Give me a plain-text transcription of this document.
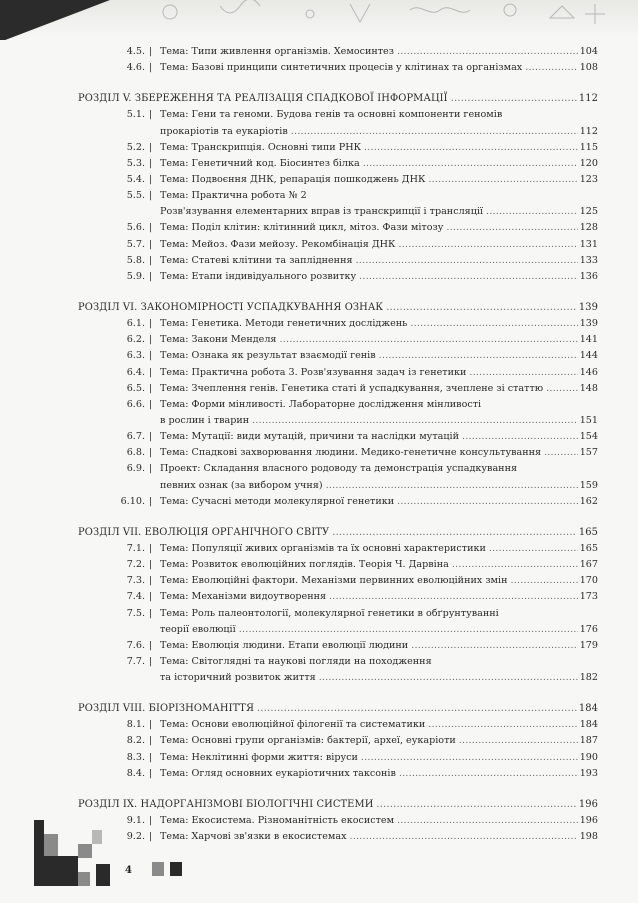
4.5. | Тема: Типи живлення організмів. Хемосинтез .....	104
4.6. | Тема: Базові принципи синтетичних процесів у клітинах та організмах .....	108
РОЗДІЛ V. ЗБЕРЕЖЕННЯ ТА РЕАЛІЗАЦІЯ СПАДКОВОЇ ІНФОРМАЦІЇ .....	112
5.1. | Тема: Гени та геноми. Будова генів та основні компоненти геномів
прокаріотів та еукаріотів .....	112
5.2. | Тема: Транскрипція. Основні типи РНК .....	115
5.3. | Тема: Генетичний код. Біосинтез білка .....	120
5.4. | Тема: Подвоєння ДНК, репарація пошкоджень ДНК .....	123
5.5. | Тема: Практична робота № 2
Розв'язування елементарних вправ із транскрипції і трансляції .....	125
5.6. | Тема: Поділ клітин: клітинний цикл, мітоз. Фази мітозу .....	128
5.7. | Тема: Мейоз. Фази мейозу. Рекомбінація ДНК .....	131
5.8. | Тема: Статеві клітини та запліднення .....	133
5.9. | Тема: Етапи індивідуального розвитку .....	136
РОЗДІЛ VI. ЗАКОНОМІРНОСТІ УСПАДКУВАННЯ ОЗНАК .....	139
6.1. | Тема: Генетика. Методи генетичних досліджень .....	139
6.2. | Тема: Закони Менделя .....	141
6.3. | Тема: Ознака як результат взаємодії генів .....	144
6.4. | Тема: Практична робота 3. Розв'язування задач із генетики .....	146
6.5. | Тема: Зчеплення генів. Генетика статі й успадкування, зчеплене зі статтю .....	148
6.6. | Тема: Форми мінливості. Лабораторне дослідження мінливості
в рослин і тварин .....	151
6.7. | Тема: Мутації: види мутацій, причини та наслідки мутацій .....	154
6.8. | Тема: Спадкові захворювання людини. Медико-генетичне консультування .....	157
6.9. | Проект: Складання власного родоводу та демонстрація успадкування
певних ознак (за вибором учня) .....	159
6.10. | Тема: Сучасні методи молекулярної генетики .....	162
РОЗДІЛ VII. ЕВОЛЮЦІЯ ОРГАНІЧНОГО СВІТУ .....	165
7.1. | Тема: Популяції живих організмів та їх основні характеристики .....	165
7.2. | Тема: Розвиток еволюційних поглядів. Теорія Ч. Дарвіна .....	167
7.3. | Тема: Еволюційні фактори. Механізми первинних еволюційних змін .....	170
7.4. | Тема: Механізми видоутворення .....	173
7.5. | Тема: Роль палеонтології, молекулярної генетики в обґрунтуванні
теорії еволюції .....	176
7.6. | Тема: Еволюція людини. Етапи еволюції людини .....	179
7.7. | Тема: Світоглядні та наукові погляди на походження
та історичний розвиток життя .....	182
РОЗДІЛ VIII. БІОРІЗНОМАНІТТЯ .....	184
8.1. | Тема: Основи еволюційної філогенії та систематики .....	184
8.2. | Тема: Основні групи організмів: бактерії, археї, еукаріоти .....	187
8.3. | Тема: Неклітинні форми життя: віруси .....	190
8.4. | Тема: Огляд основних еукаріотичних таксонів .....	193
РОЗДІЛ IX. НАДОРГАНІЗМОВІ БІОЛОГІЧНІ СИСТЕМИ .....	196
9.1. | Тема: Екосистема. Різноманітність екосистем .....	196
9.2. | Тема: Харчові зв'язки в екосистемах .....	198
4
